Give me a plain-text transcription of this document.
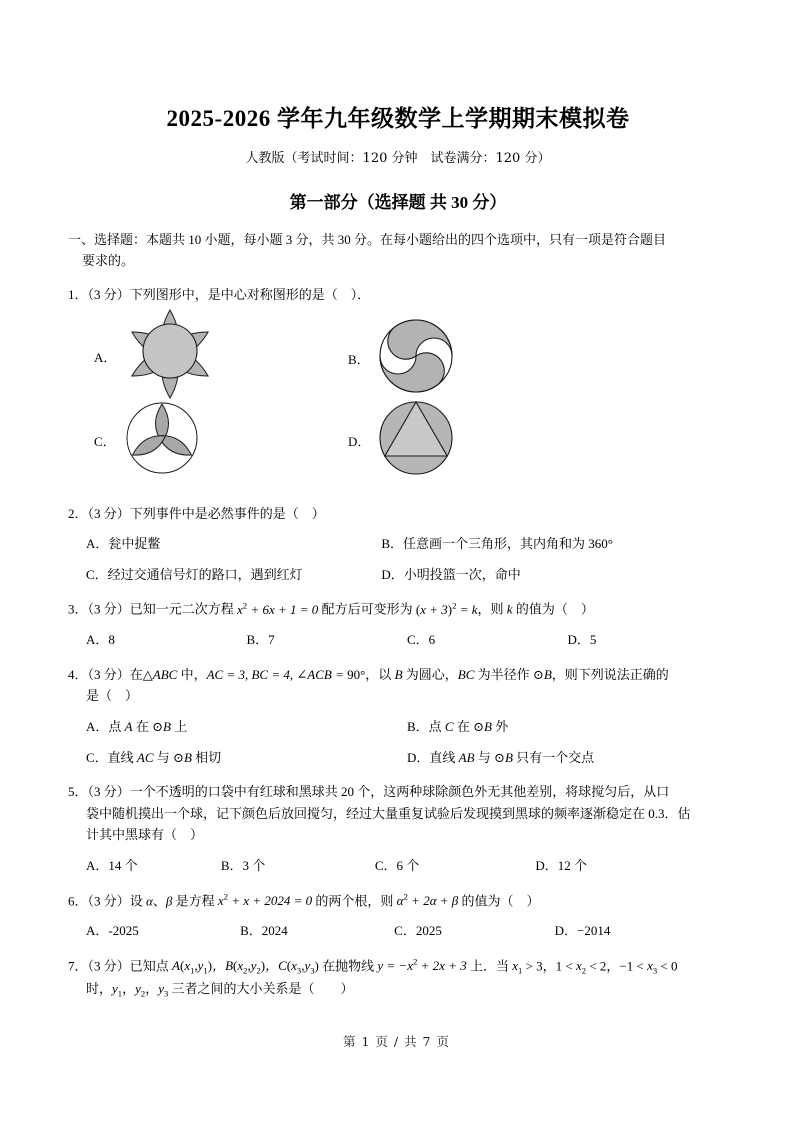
2025-2026 学年九年级数学上学期期末模拟卷
人教版（考试时间：120 分钟　试卷满分：120 分）
第一部分（选择题 共 30 分）
一、选择题：本题共 10 小题，每小题 3 分，共 30 分。在每小题给出的四个选项中，只有一项是符合题目
要求的。
1．（3 分）下列图形中，是中心对称图形的是（　）．
A．	B．
C．	D．
2．（3 分）下列事件中是必然事件的是（　）
A．瓮中捉鳖	B．任意画一个三角形，其内角和为 360°
C．经过交通信号灯的路口，遇到红灯	D．小明投篮一次，命中
3．（3 分）已知一元二次方程 $x^2 + 6x + 1 = 0$ 配方后可变形为 $(x + 3)^2 = k$，则 k 的值为（　）
A．8	B．7	C．6	D．5
4．（3 分）在△ABC 中，AC = 3, BC = 4, ∠ACB = 90°，以 B 为圆心，BC 为半径作 ⊙B，则下列说法正确的
是（　）
A．点 A 在 ⊙B 上	B．点 C 在 ⊙B 外
C．直线 AC 与 ⊙B 相切	D．直线 AB 与 ⊙B 只有一个交点
5．（3 分）一个不透明的口袋中有红球和黑球共 20 个，这两种球除颜色外无其他差别，将球搅匀后，从口
袋中随机摸出一个球，记下颜色后放回搅匀，经过大量重复试验后发现摸到黑球的频率逐渐稳定在 0.3．估
计其中黑球有（　）
A．14 个	B．3 个	C．6 个	D．12 个
6．（3 分）设 α、β 是方程 $x^2 + x + 2024 = 0$ 的两个根，则 $\alpha^2 + 2\alpha + \beta$ 的值为（　）
A．-2025	B．2024	C．2025	D．−2014
7．（3 分）已知点 $A(x_1,y_1)$，$B(x_2,y_2)$，$C(x_3,y_3)$ 在抛物线 $y = -x^2 + 2x + 3$ 上．当 $x_1 > 3$，$1 < x_2 < 2$，$-1 < x_3 < 0$
时，$y_1$，$y_2$，$y_3$ 三者之间的大小关系是（　　）
第 1 页 / 共 7 页
